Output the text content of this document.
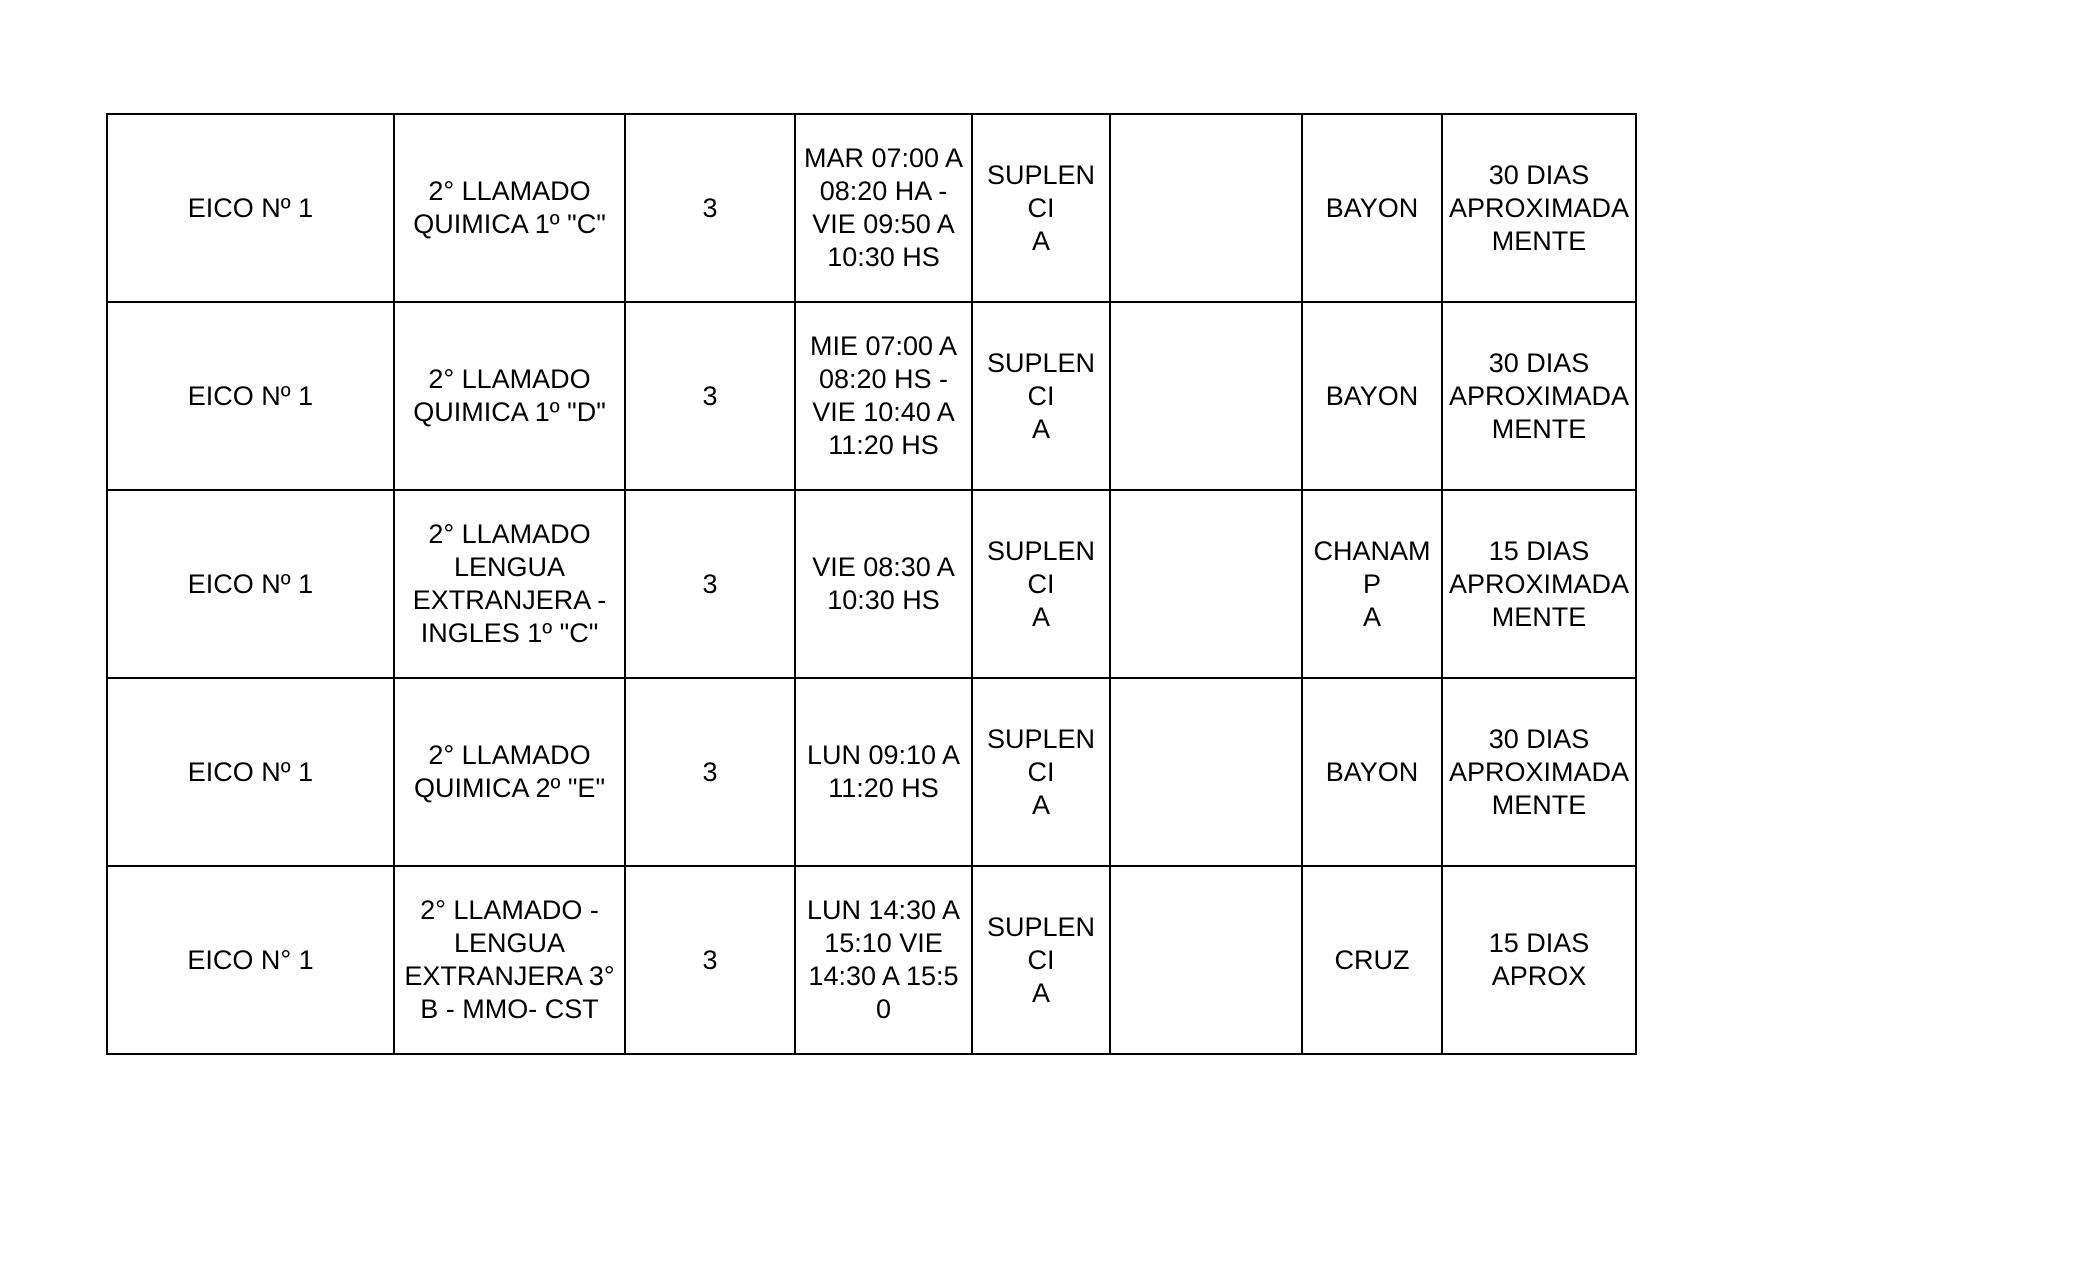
EICO Nº 1	2° LLAMADO
QUIMICA 1º "C"	3	MAR 07:00 A
08:20 HA -
VIE 09:50 A
10:30 HS	SUPLENCI
A		BAYON	30 DIAS
APROXIMADA
MENTE

EICO Nº 1	2° LLAMADO
QUIMICA 1º "D"	3	MIE 07:00 A
08:20 HS -
VIE 10:40 A
11:20 HS	SUPLENCI
A		BAYON	30 DIAS
APROXIMADA
MENTE

EICO Nº 1	2° LLAMADO
LENGUA
EXTRANJERA -
INGLES 1º "C"	3	VIE 08:30 A
10:30 HS	SUPLENCI
A		CHANAMP
A	15 DIAS
APROXIMADA
MENTE

EICO Nº 1	2° LLAMADO
QUIMICA 2º "E"	3	LUN 09:10 A
11:20 HS	SUPLENCI
A		BAYON	30 DIAS
APROXIMADA
MENTE

EICO N° 1	2° LLAMADO -
LENGUA
EXTRANJERA 3°
B - MMO- CST	3	LUN 14:30 A
15:10 VIE
14:30 A 15:50	SUPLENCI
A		CRUZ	15 DIAS
APROX
